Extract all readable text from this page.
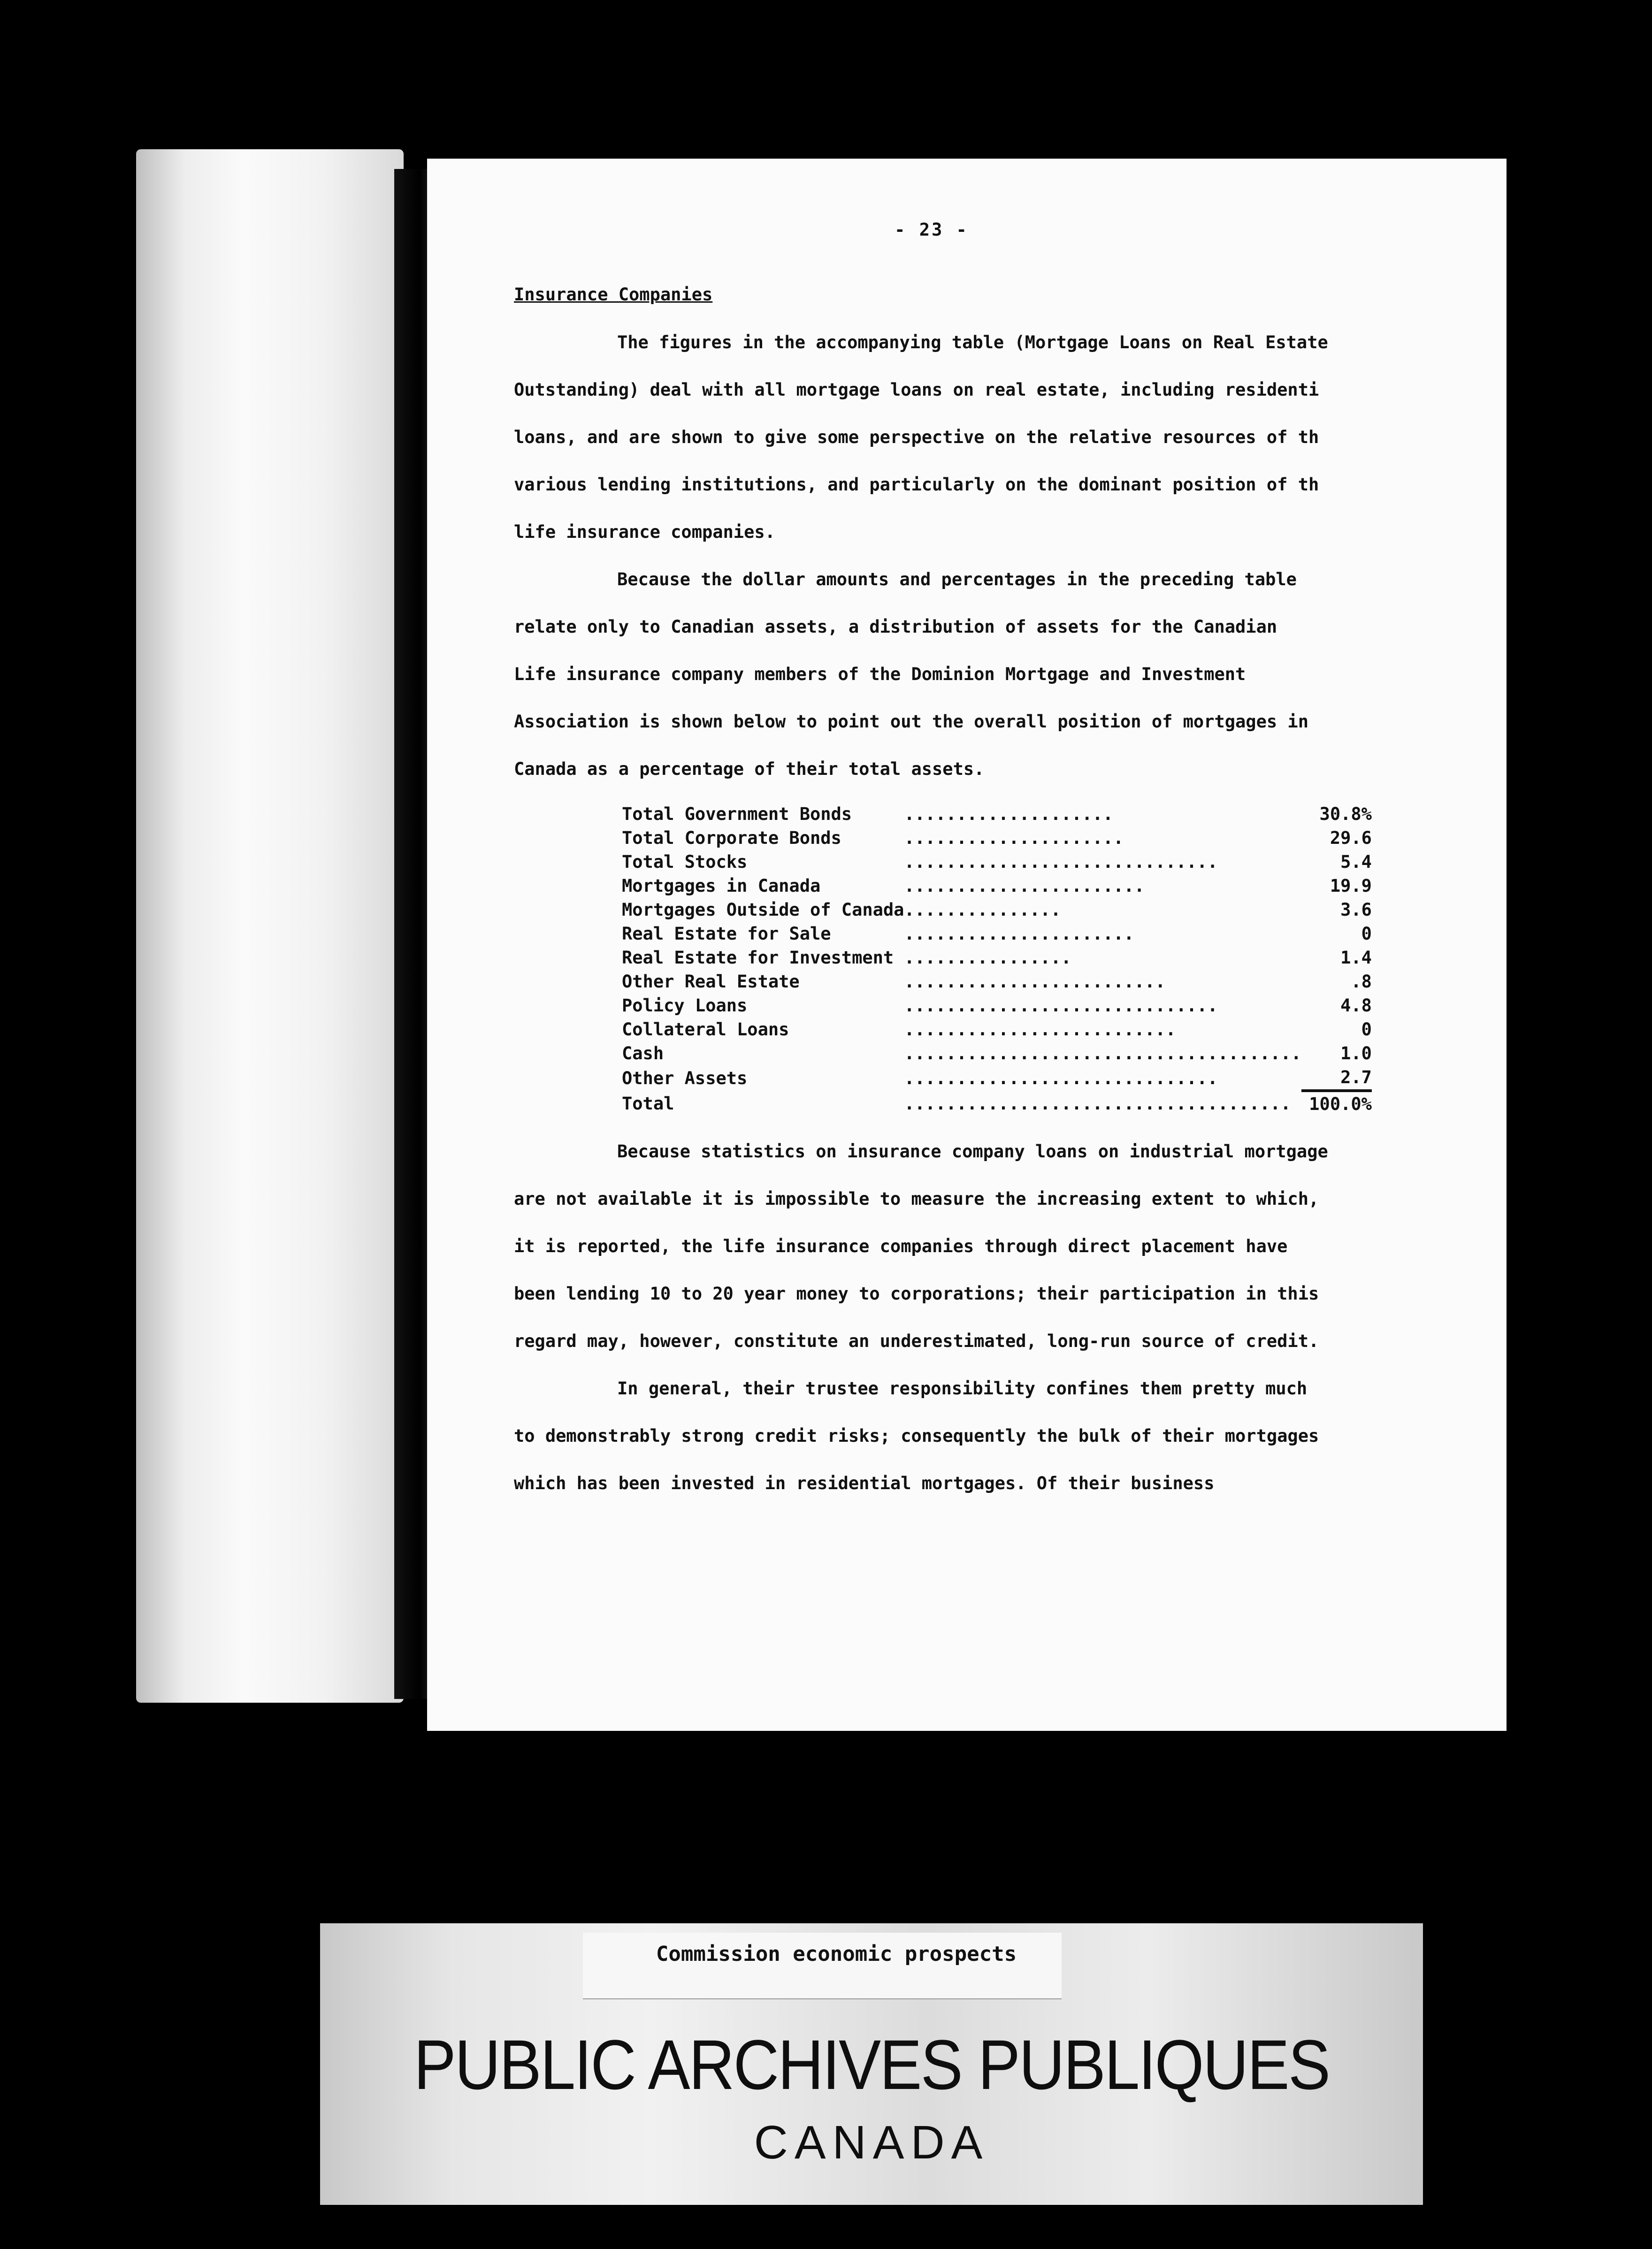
- 23 -
Insurance Companies

The figures in the accompanying table (Mortgage Loans on Real Estate

Outstanding) deal with all mortgage loans on real estate, including residenti

loans, and are shown to give some perspective on the relative resources of th

various lending institutions, and particularly on the dominant position of th

life insurance companies.

Because the dollar amounts and percentages in the preceding table

relate only to Canadian assets, a distribution of assets for the Canadian

Life insurance company members of the Dominion Mortgage and Investment

Association is shown below to point out the overall position of mortgages in

Canada as a percentage of their total assets.

Total Government Bonds	....................	30.8%
Total Corporate Bonds	.....................	29.6
Total Stocks	..............................	5.4
Mortgages in Canada	.......................	19.9
Mortgages Outside of Canada	...............	3.6
Real Estate for Sale	......................	0
Real Estate for Investment	................	1.4
Other Real Estate	.........................	.8
Policy Loans	..............................	4.8
Collateral Loans	..........................	0
Cash	......................................	1.0
Other Assets	..............................	2.7
Total	.....................................	100.0%

Because statistics on insurance company loans on industrial mortgage

are not available it is impossible to measure the increasing extent to which,

it is reported, the life insurance companies through direct placement have

been lending 10 to 20 year money to corporations; their participation in this

regard may, however, constitute an underestimated, long-run source of credit.

In general, their trustee responsibility confines them pretty much

to demonstrably strong credit risks; consequently the bulk of their mortgages

which has been invested in residential mortgages. Of their business

Commission economic prospects
PUBLIC ARCHIVES PUBLIQUES
CANADA
